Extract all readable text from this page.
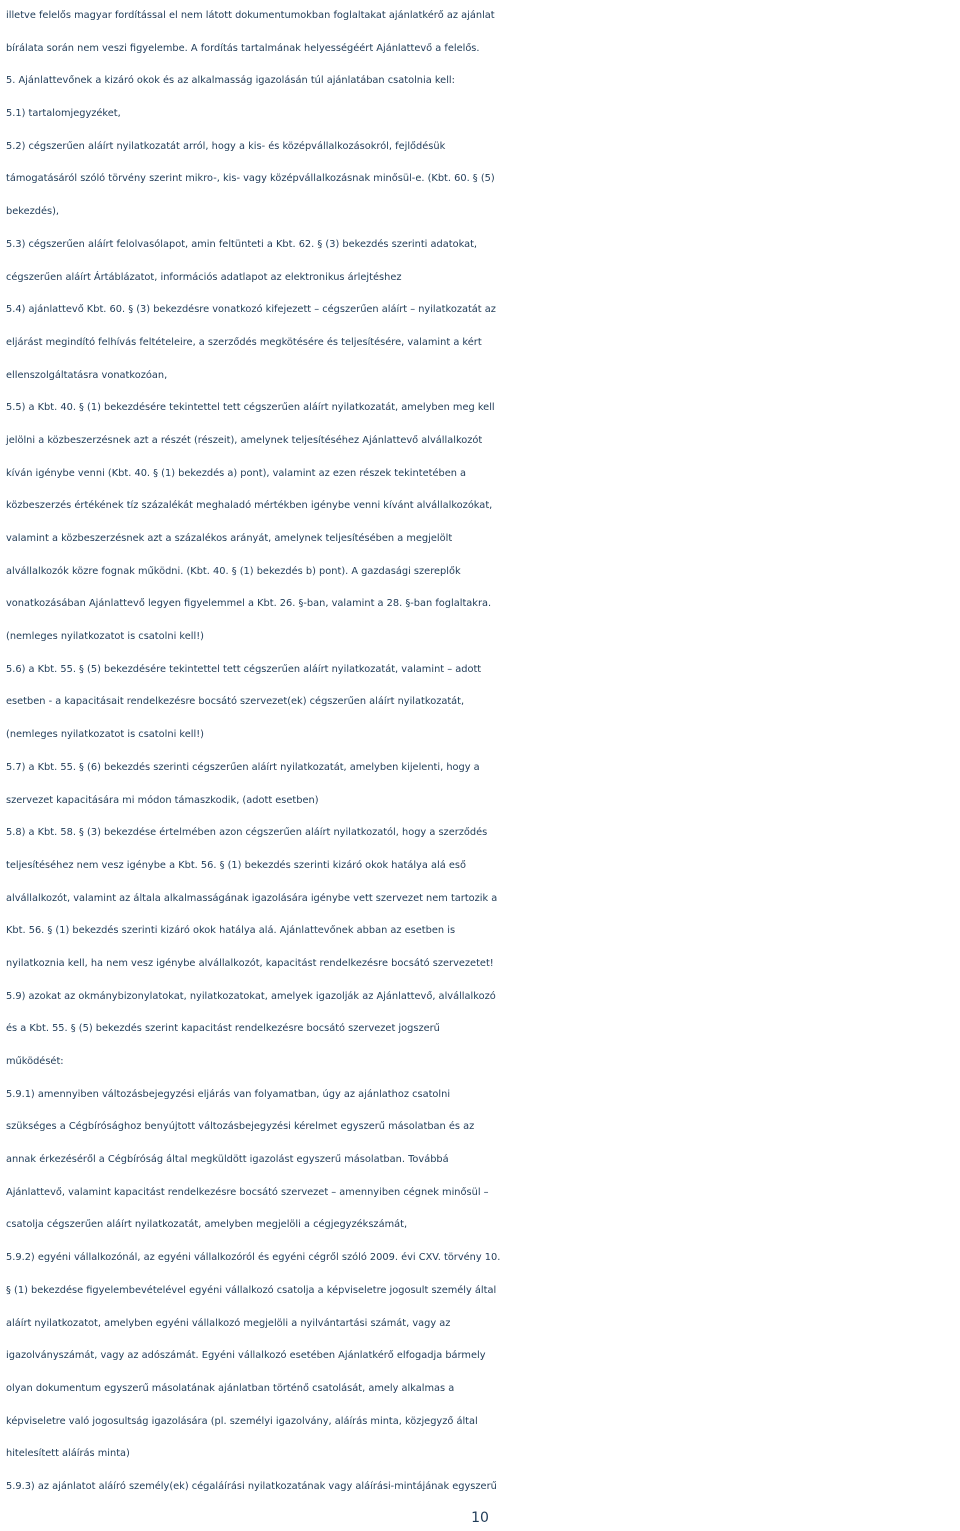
illetve felelős magyar fordítással el nem látott dokumentumokban foglaltakat ajánlatkérő az ajánlat
bírálata során nem veszi figyelembe. A fordítás tartalmának helyességéért Ajánlattevő a felelős.
5. Ajánlattevőnek a kizáró okok és az alkalmasság igazolásán túl ajánlatában csatolnia kell:
5.1) tartalomjegyzéket,
5.2) cégszerűen aláírt nyilatkozatát arról, hogy a kis- és középvállalkozásokról, fejlődésük
támogatásáról szóló törvény szerint mikro-, kis- vagy középvállalkozásnak minősül-e. (Kbt. 60. § (5)
bekezdés),
5.3) cégszerűen aláírt felolvasólapot, amin feltünteti a Kbt. 62. § (3) bekezdés szerinti adatokat,
cégszerűen aláírt Ártáblázatot, információs adatlapot az elektronikus árlejtéshez
5.4) ajánlattevő Kbt. 60. § (3) bekezdésre vonatkozó kifejezett – cégszerűen aláírt – nyilatkozatát az
eljárást megindító felhívás feltételeire, a szerződés megkötésére és teljesítésére, valamint a kért
ellenszolgáltatásra vonatkozóan,
5.5) a Kbt. 40. § (1) bekezdésére tekintettel tett cégszerűen aláírt nyilatkozatát, amelyben meg kell
jelölni a közbeszerzésnek azt a részét (részeit), amelynek teljesítéséhez Ajánlattevő alvállalkozót
kíván igénybe venni (Kbt. 40. § (1) bekezdés a) pont), valamint az ezen részek tekintetében a
közbeszerzés értékének tíz százalékát meghaladó mértékben igénybe venni kívánt alvállalkozókat,
valamint a közbeszerzésnek azt a százalékos arányát, amelynek teljesítésében a megjelölt
alvállalkozók közre fognak működni. (Kbt. 40. § (1) bekezdés b) pont). A gazdasági szereplők
vonatkozásában Ajánlattevő legyen figyelemmel a Kbt. 26. §-ban, valamint a 28. §-ban foglaltakra.
(nemleges nyilatkozatot is csatolni kell!)
5.6) a Kbt. 55. § (5) bekezdésére tekintettel tett cégszerűen aláírt nyilatkozatát, valamint – adott
esetben - a kapacitásait rendelkezésre bocsátó szervezet(ek) cégszerűen aláírt nyilatkozatát,
(nemleges nyilatkozatot is csatolni kell!)
5.7) a Kbt. 55. § (6) bekezdés szerinti cégszerűen aláírt nyilatkozatát, amelyben kijelenti, hogy a
szervezet kapacitására mi módon támaszkodik, (adott esetben)
5.8) a Kbt. 58. § (3) bekezdése értelmében azon cégszerűen aláírt nyilatkozatól, hogy a szerződés
teljesítéséhez nem vesz igénybe a Kbt. 56. § (1) bekezdés szerinti kizáró okok hatálya alá eső
alvállalkozót, valamint az általa alkalmasságának igazolására igénybe vett szervezet nem tartozik a
Kbt. 56. § (1) bekezdés szerinti kizáró okok hatálya alá. Ajánlattevőnek abban az esetben is
nyilatkoznia kell, ha nem vesz igénybe alvállalkozót, kapacitást rendelkezésre bocsátó szervezetet!
5.9) azokat az okmánybizonylatokat, nyilatkozatokat, amelyek igazolják az Ajánlattevő, alvállalkozó
és a Kbt. 55. § (5) bekezdés szerint kapacitást rendelkezésre bocsátó szervezet jogszerű
működését:
5.9.1) amennyiben változásbejegyzési eljárás van folyamatban, úgy az ajánlathoz csatolni
szükséges a Cégbírósághoz benyújtott változásbejegyzési kérelmet egyszerű másolatban és az
annak érkezéséről a Cégbíróság által megküldött igazolást egyszerű másolatban. Továbbá
Ajánlattevő, valamint kapacitást rendelkezésre bocsátó szervezet – amennyiben cégnek minősül –
csatolja cégszerűen aláírt nyilatkozatát, amelyben megjelöli a cégjegyzékszámát,
5.9.2) egyéni vállalkozónál, az egyéni vállalkozóról és egyéni cégről szóló 2009. évi CXV. törvény 10.
§ (1) bekezdése figyelembevételével egyéni vállalkozó csatolja a képviseletre jogosult személy által
aláírt nyilatkozatot, amelyben egyéni vállalkozó megjelöli a nyilvántartási számát, vagy az
igazolványszámát, vagy az adószámát. Egyéni vállalkozó esetében Ajánlatkérő elfogadja bármely
olyan dokumentum egyszerű másolatának ajánlatban történő csatolását, amely alkalmas a
képviseletre való jogosultság igazolására (pl. személyi igazolvány, aláírás minta, közjegyző által
hitelesített aláírás minta)
5.9.3) az ajánlatot aláíró személy(ek) cégaláírási nyilatkozatának vagy aláírási-mintájának egyszerű
10
